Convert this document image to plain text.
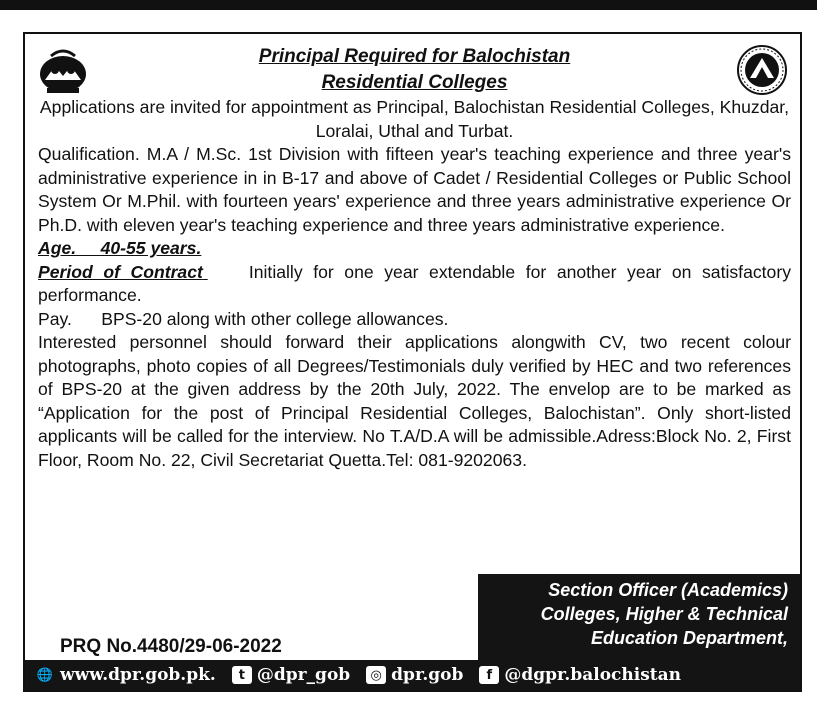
Principal Required for Balochistan
Residential Colleges

Applications are invited for appointment as Principal, Balochistan Residential Colleges, Khuzdar, Loralai, Uthal and Turbat.

Qualification. M.A / M.Sc. 1st Division with fifteen year's teaching experience and three year's administrative experience in in B-17 and above of Cadet / Residential Colleges or Public School System Or M.Phil. with fourteen years' experience and three years administrative experience Or Ph.D. with eleven year's teaching experience and three years administrative experience.

Age.     40-55 years.

Period of Contract	Initially for one year extendable for another year on satisfactory performance.

Pay.      BPS-20 along with other college allowances.

Interested personnel should forward their applications alongwith CV, two recent colour photographs, photo copies of all Degrees/Testimonials duly verified by HEC and two references of BPS-20 at the given address by the 20th July, 2022. The envelop are to be marked as “Application for the post of Principal Residential Colleges, Balochistan”. Only short-listed applicants will be called for the interview. No T.A/D.A will be admissible.Adress:Block No. 2, First Floor, Room No. 22, Civil Secretariat Quetta.Tel: 081-9202063.

Section Officer (Academics)
Colleges, Higher & Technical
Education Department,
PRQ No.4480/29-06-2022
🌐 www.dpr.gob.pk.	t @dpr_gob	◎ dpr.gob	f @dgpr.balochistan
